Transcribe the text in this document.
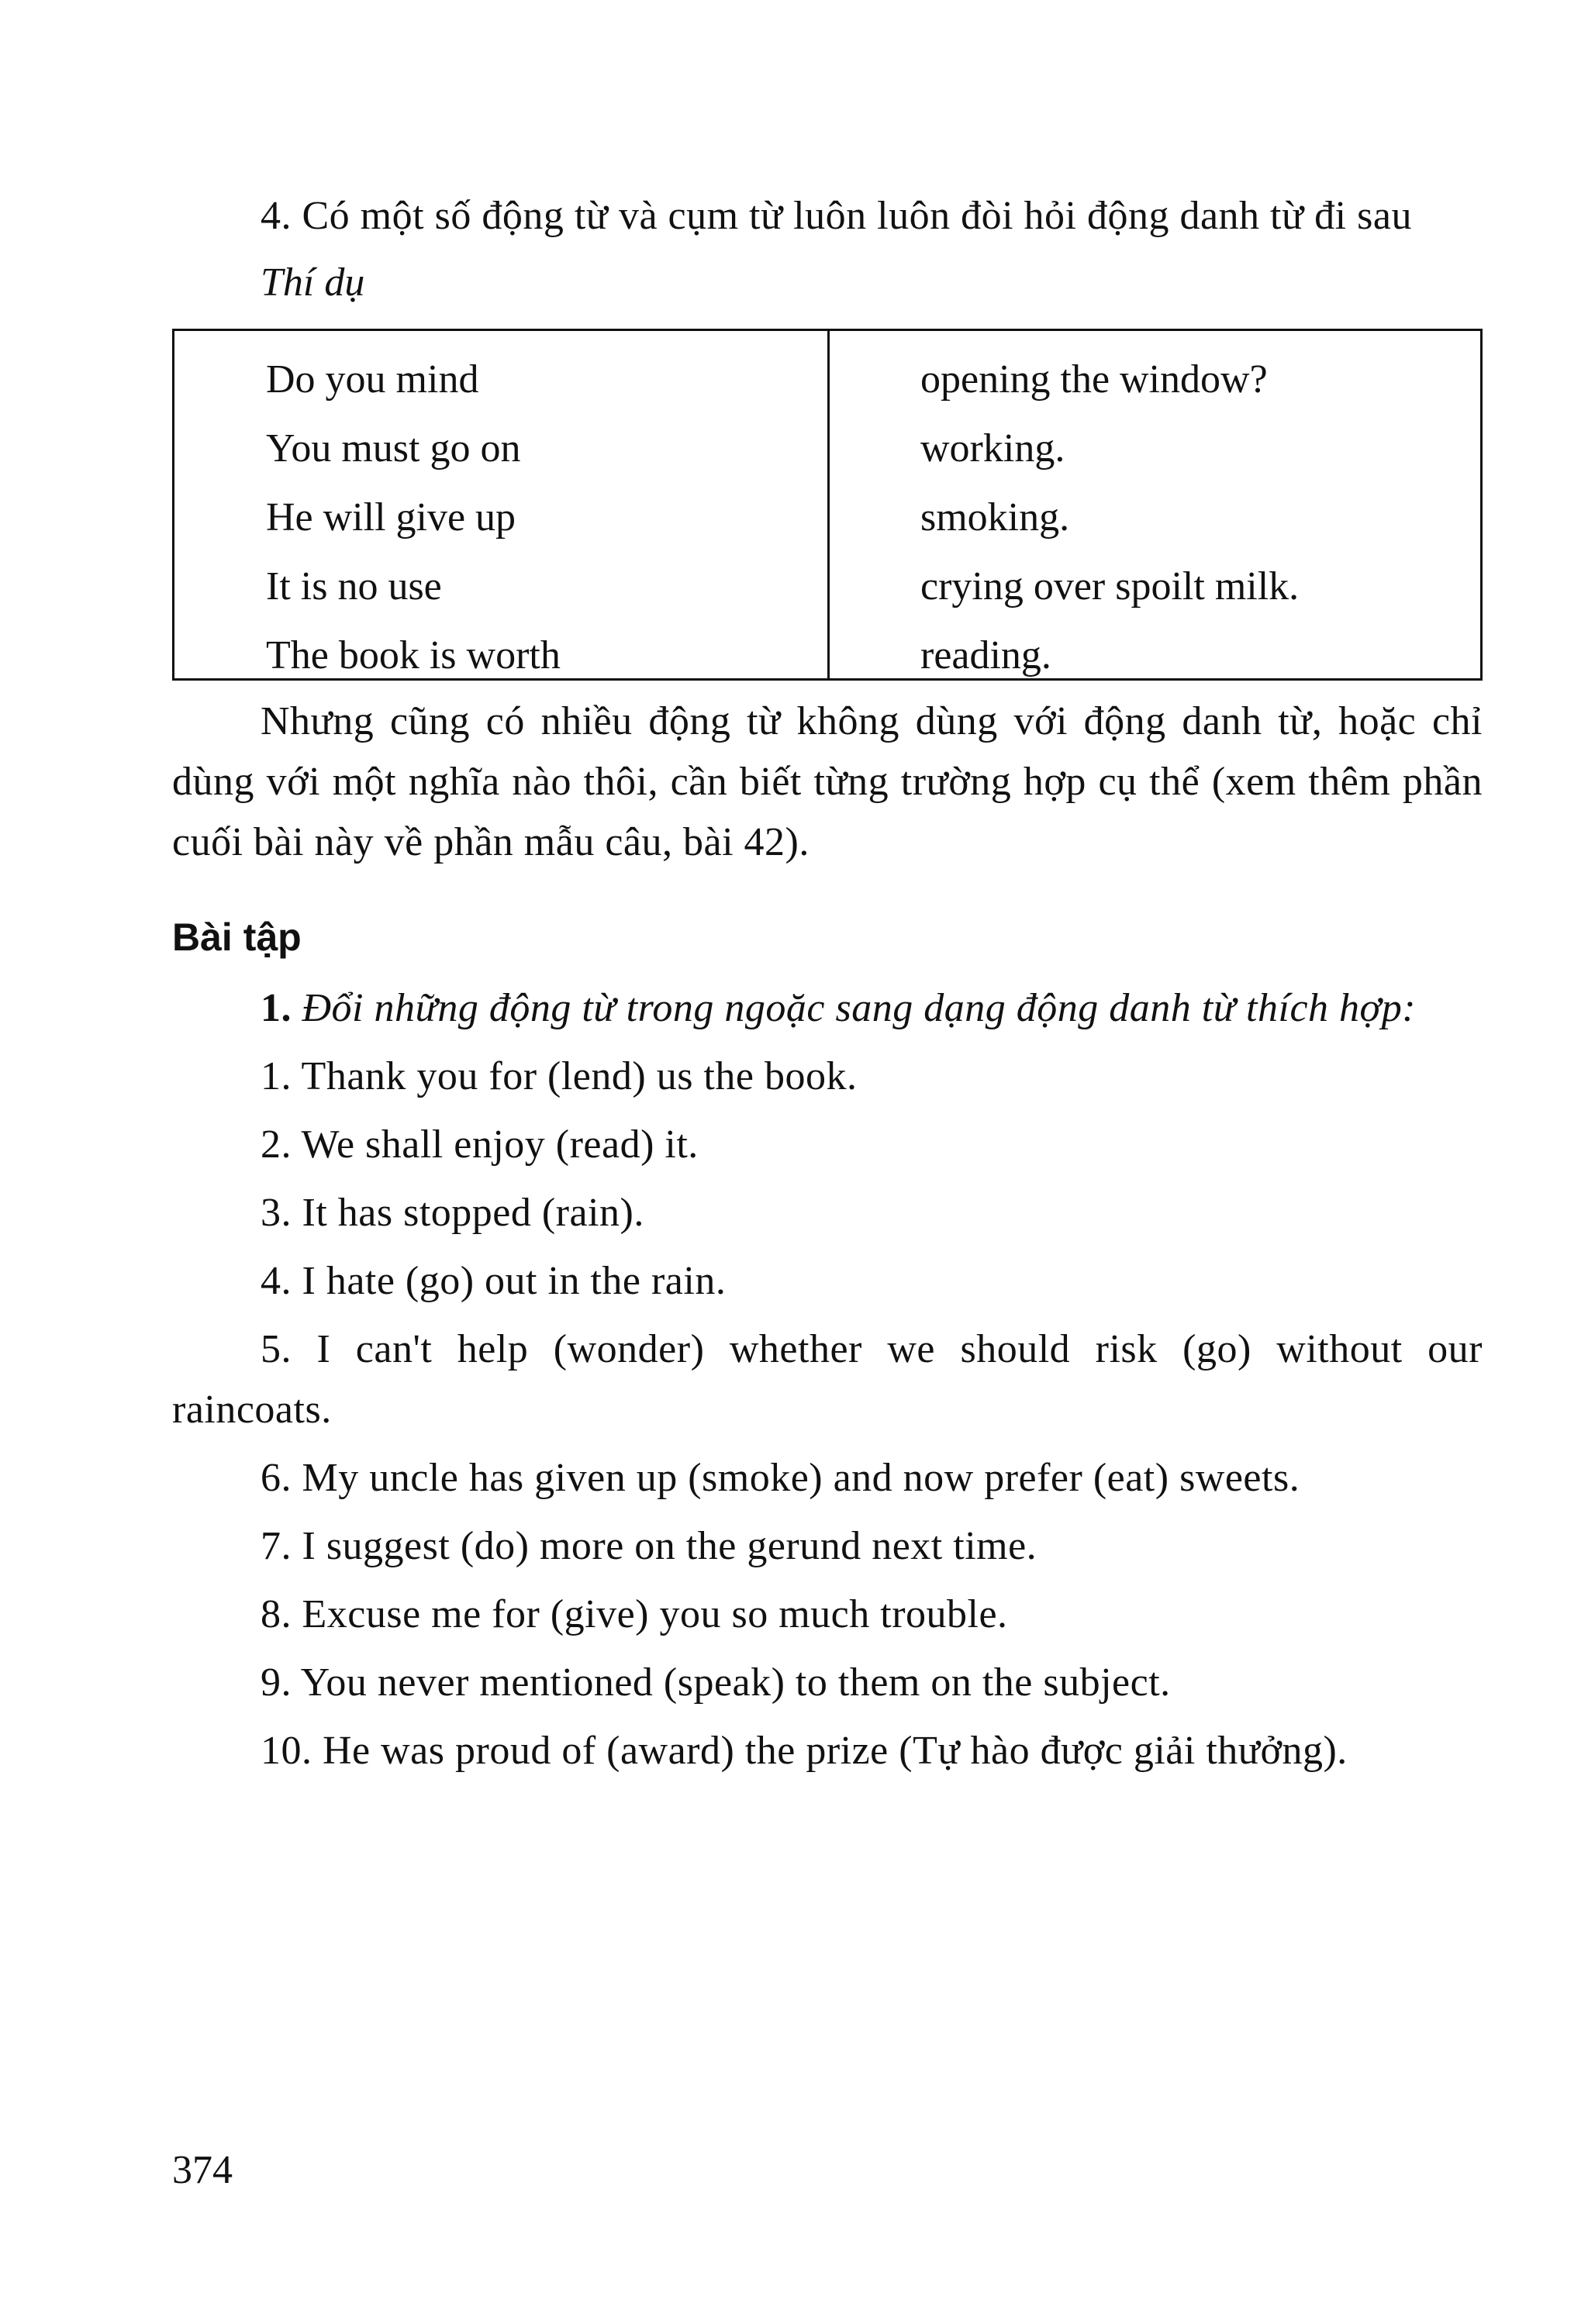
4. Có một số động từ và cụm từ luôn luôn đòi hỏi động danh từ đi sau

Thí dụ

Do you mind
You must go on
He will give up
It is no use
The book is worth
opening the window?
working.
smoking.
crying over spoilt milk.
reading.

Nhưng cũng có nhiều động từ không dùng với động danh từ, hoặc chỉ dùng với một nghĩa nào thôi, cần biết từng trường hợp cụ thể (xem thêm phần cuối bài này về phần mẫu câu, bài 42).

Bài tập

1. Đổi những động từ trong ngoặc sang dạng động danh từ thích hợp:

1. Thank you for (lend) us the book.

2. We shall enjoy (read) it.

3. It has stopped (rain).

4. I hate (go) out in the rain.

5. I can't help (wonder) whether we should risk (go) without our raincoats.

6. My uncle has given up (smoke) and now prefer (eat) sweets.

7. I suggest (do) more on the gerund next time.

8. Excuse me for (give) you so much trouble.

9. You never mentioned (speak) to them on the subject.

10. He was proud of (award) the prize (Tự hào được giải thưởng).

374
